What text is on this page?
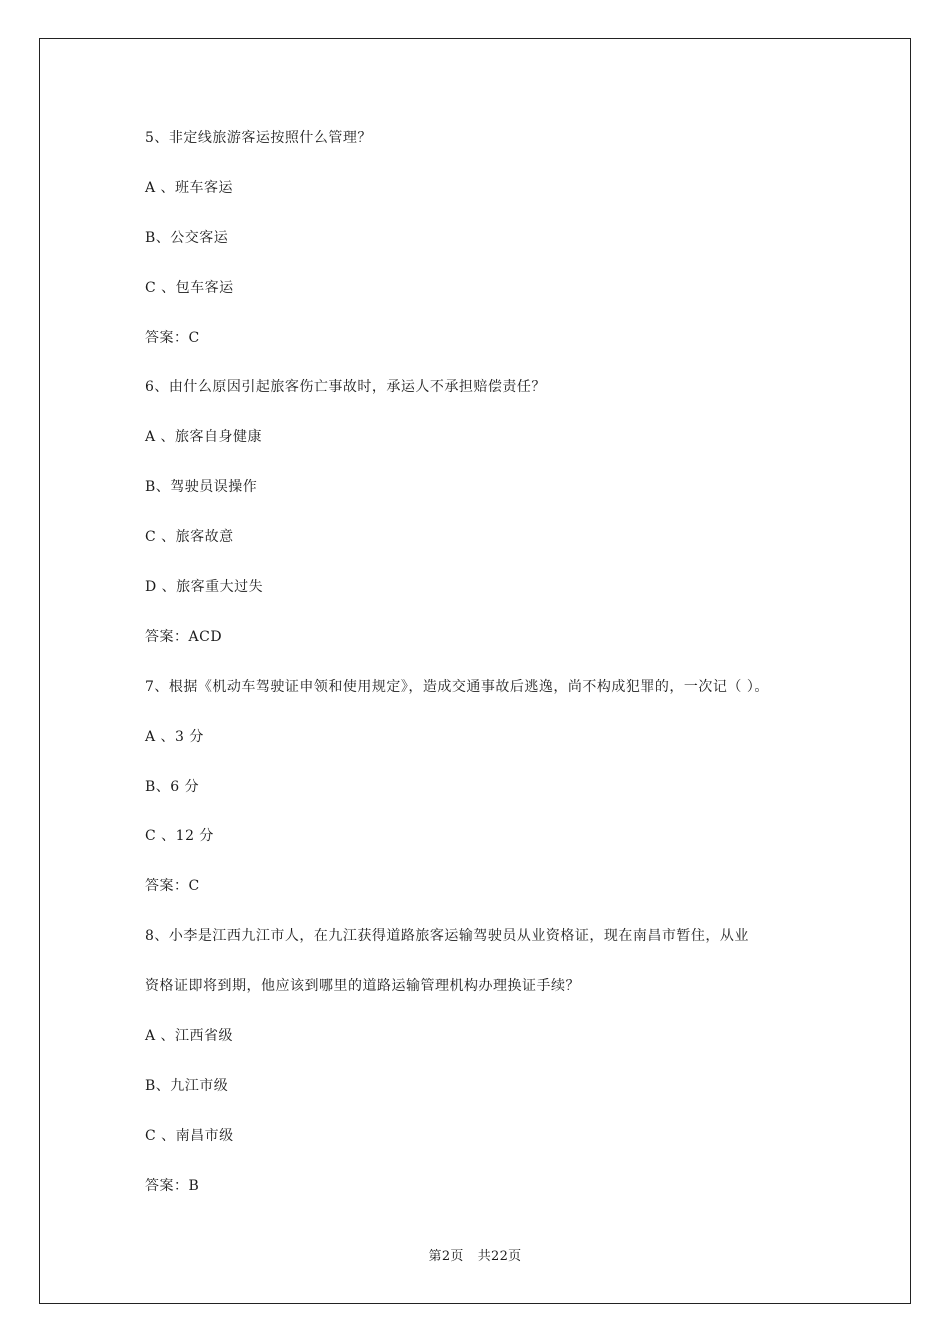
5、非定线旅游客运按照什么管理？
A 、班车客运
B、公交客运
C 、包车客运
答案：C
6、由什么原因引起旅客伤亡事故时，承运人不承担赔偿责任？
A 、旅客自身健康
B、驾驶员误操作
C 、旅客故意
D 、旅客重大过失
答案：ACD
7、根据《机动车驾驶证申领和使用规定》，造成交通事故后逃逸，尚不构成犯罪的，一次记（ ）。
A 、3 分
B、6 分
C 、12 分
答案：C
8、小李是江西九江市人，在九江获得道路旅客运输驾驶员从业资格证，现在南昌市暂住，从业
资格证即将到期，他应该到哪里的道路运输管理机构办理换证手续？
A 、江西省级
B、九江市级
C 、南昌市级
答案：B
第2页 共22页
